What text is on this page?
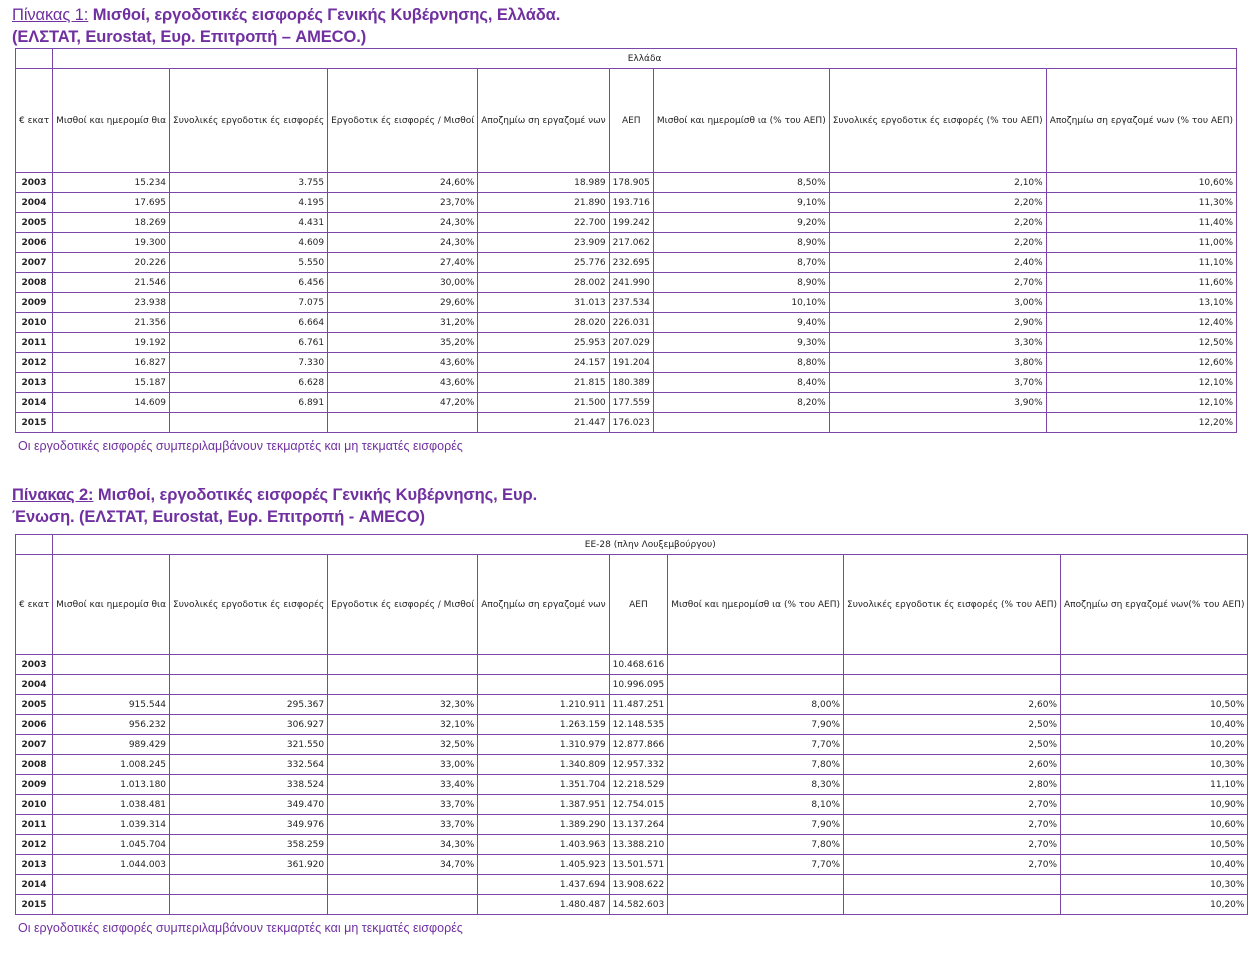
Πίνακας 1: Μισθοί, εργοδοτικές εισφορές Γενικής Κυβέρνησης, Ελλάδα. (ΕΛΣΤΑΤ, Eurostat, Ευρ. Επιτροπή – AMECO.)
	Ελλάδα							
€ εκατ	Μισθοί και ημερομίσ θια	Συνολικές εργοδοτικ ές εισφορές	Εργοδοτικ ές εισφορές / Μισθοί	Αποζημίω ση εργαζομέ νων	ΑΕΠ	Μισθοί και ημερομίσθ ια (% του ΑΕΠ)	Συνολικές εργοδοτικ ές εισφορές (% του ΑΕΠ)	Αποζημίω ση εργαζομέ νων (% του ΑΕΠ)
2003	15.234	3.755	24,60%	18.989	178.905	8,50%	2,10%	10,60%
2004	17.695	4.195	23,70%	21.890	193.716	9,10%	2,20%	11,30%
2005	18.269	4.431	24,30%	22.700	199.242	9,20%	2,20%	11,40%
2006	19.300	4.609	24,30%	23.909	217.062	8,90%	2,20%	11,00%
2007	20.226	5.550	27,40%	25.776	232.695	8,70%	2,40%	11,10%
2008	21.546	6.456	30,00%	28.002	241.990	8,90%	2,70%	11,60%
2009	23.938	7.075	29,60%	31.013	237.534	10,10%	3,00%	13,10%
2010	21.356	6.664	31,20%	28.020	226.031	9,40%	2,90%	12,40%
2011	19.192	6.761	35,20%	25.953	207.029	9,30%	3,30%	12,50%
2012	16.827	7.330	43,60%	24.157	191.204	8,80%	3,80%	12,60%
2013	15.187	6.628	43,60%	21.815	180.389	8,40%	3,70%	12,10%
2014	14.609	6.891	47,20%	21.500	177.559	8,20%	3,90%	12,10%
2015				21.447	176.023			12,20%
Οι εργοδοτικές εισφορές συμπεριλαμβάνουν τεκμαρτές και μη τεκματές εισφορές
Πίνακας 2: Μισθοί, εργοδοτικές εισφορές Γενικής Κυβέρνησης, Ευρ. Ένωση. (ΕΛΣΤΑΤ, Eurostat, Ευρ. Επιτροπή - AMECO)
	ΕΕ-28 (πλην Λουξεμβούργου)							
€ εκατ	Μισθοί και ημερομίσ θια	Συνολικές εργοδοτικ ές εισφορές	Εργοδοτικ ές εισφορές / Μισθοί	Αποζημίω ση εργαζομέ νων	ΑΕΠ	Μισθοί και ημερομίσθ ια (% του ΑΕΠ)	Συνολικές εργοδοτικ ές εισφορές (% του ΑΕΠ)	Αποζημίω ση εργαζομέ νων(% του ΑΕΠ)
2003					10.468.616			
2004					10.996.095			
2005	915.544	295.367	32,30%	1.210.911	11.487.251	8,00%	2,60%	10,50%
2006	956.232	306.927	32,10%	1.263.159	12.148.535	7,90%	2,50%	10,40%
2007	989.429	321.550	32,50%	1.310.979	12.877.866	7,70%	2,50%	10,20%
2008	1.008.245	332.564	33,00%	1.340.809	12.957.332	7,80%	2,60%	10,30%
2009	1.013.180	338.524	33,40%	1.351.704	12.218.529	8,30%	2,80%	11,10%
2010	1.038.481	349.470	33,70%	1.387.951	12.754.015	8,10%	2,70%	10,90%
2011	1.039.314	349.976	33,70%	1.389.290	13.137.264	7,90%	2,70%	10,60%
2012	1.045.704	358.259	34,30%	1.403.963	13.388.210	7,80%	2,70%	10,50%
2013	1.044.003	361.920	34,70%	1.405.923	13.501.571	7,70%	2,70%	10,40%
2014				1.437.694	13.908.622			10,30%
2015				1.480.487	14.582.603			10,20%
Οι εργοδοτικές εισφορές συμπεριλαμβάνουν τεκμαρτές και μη τεκματές εισφορές
